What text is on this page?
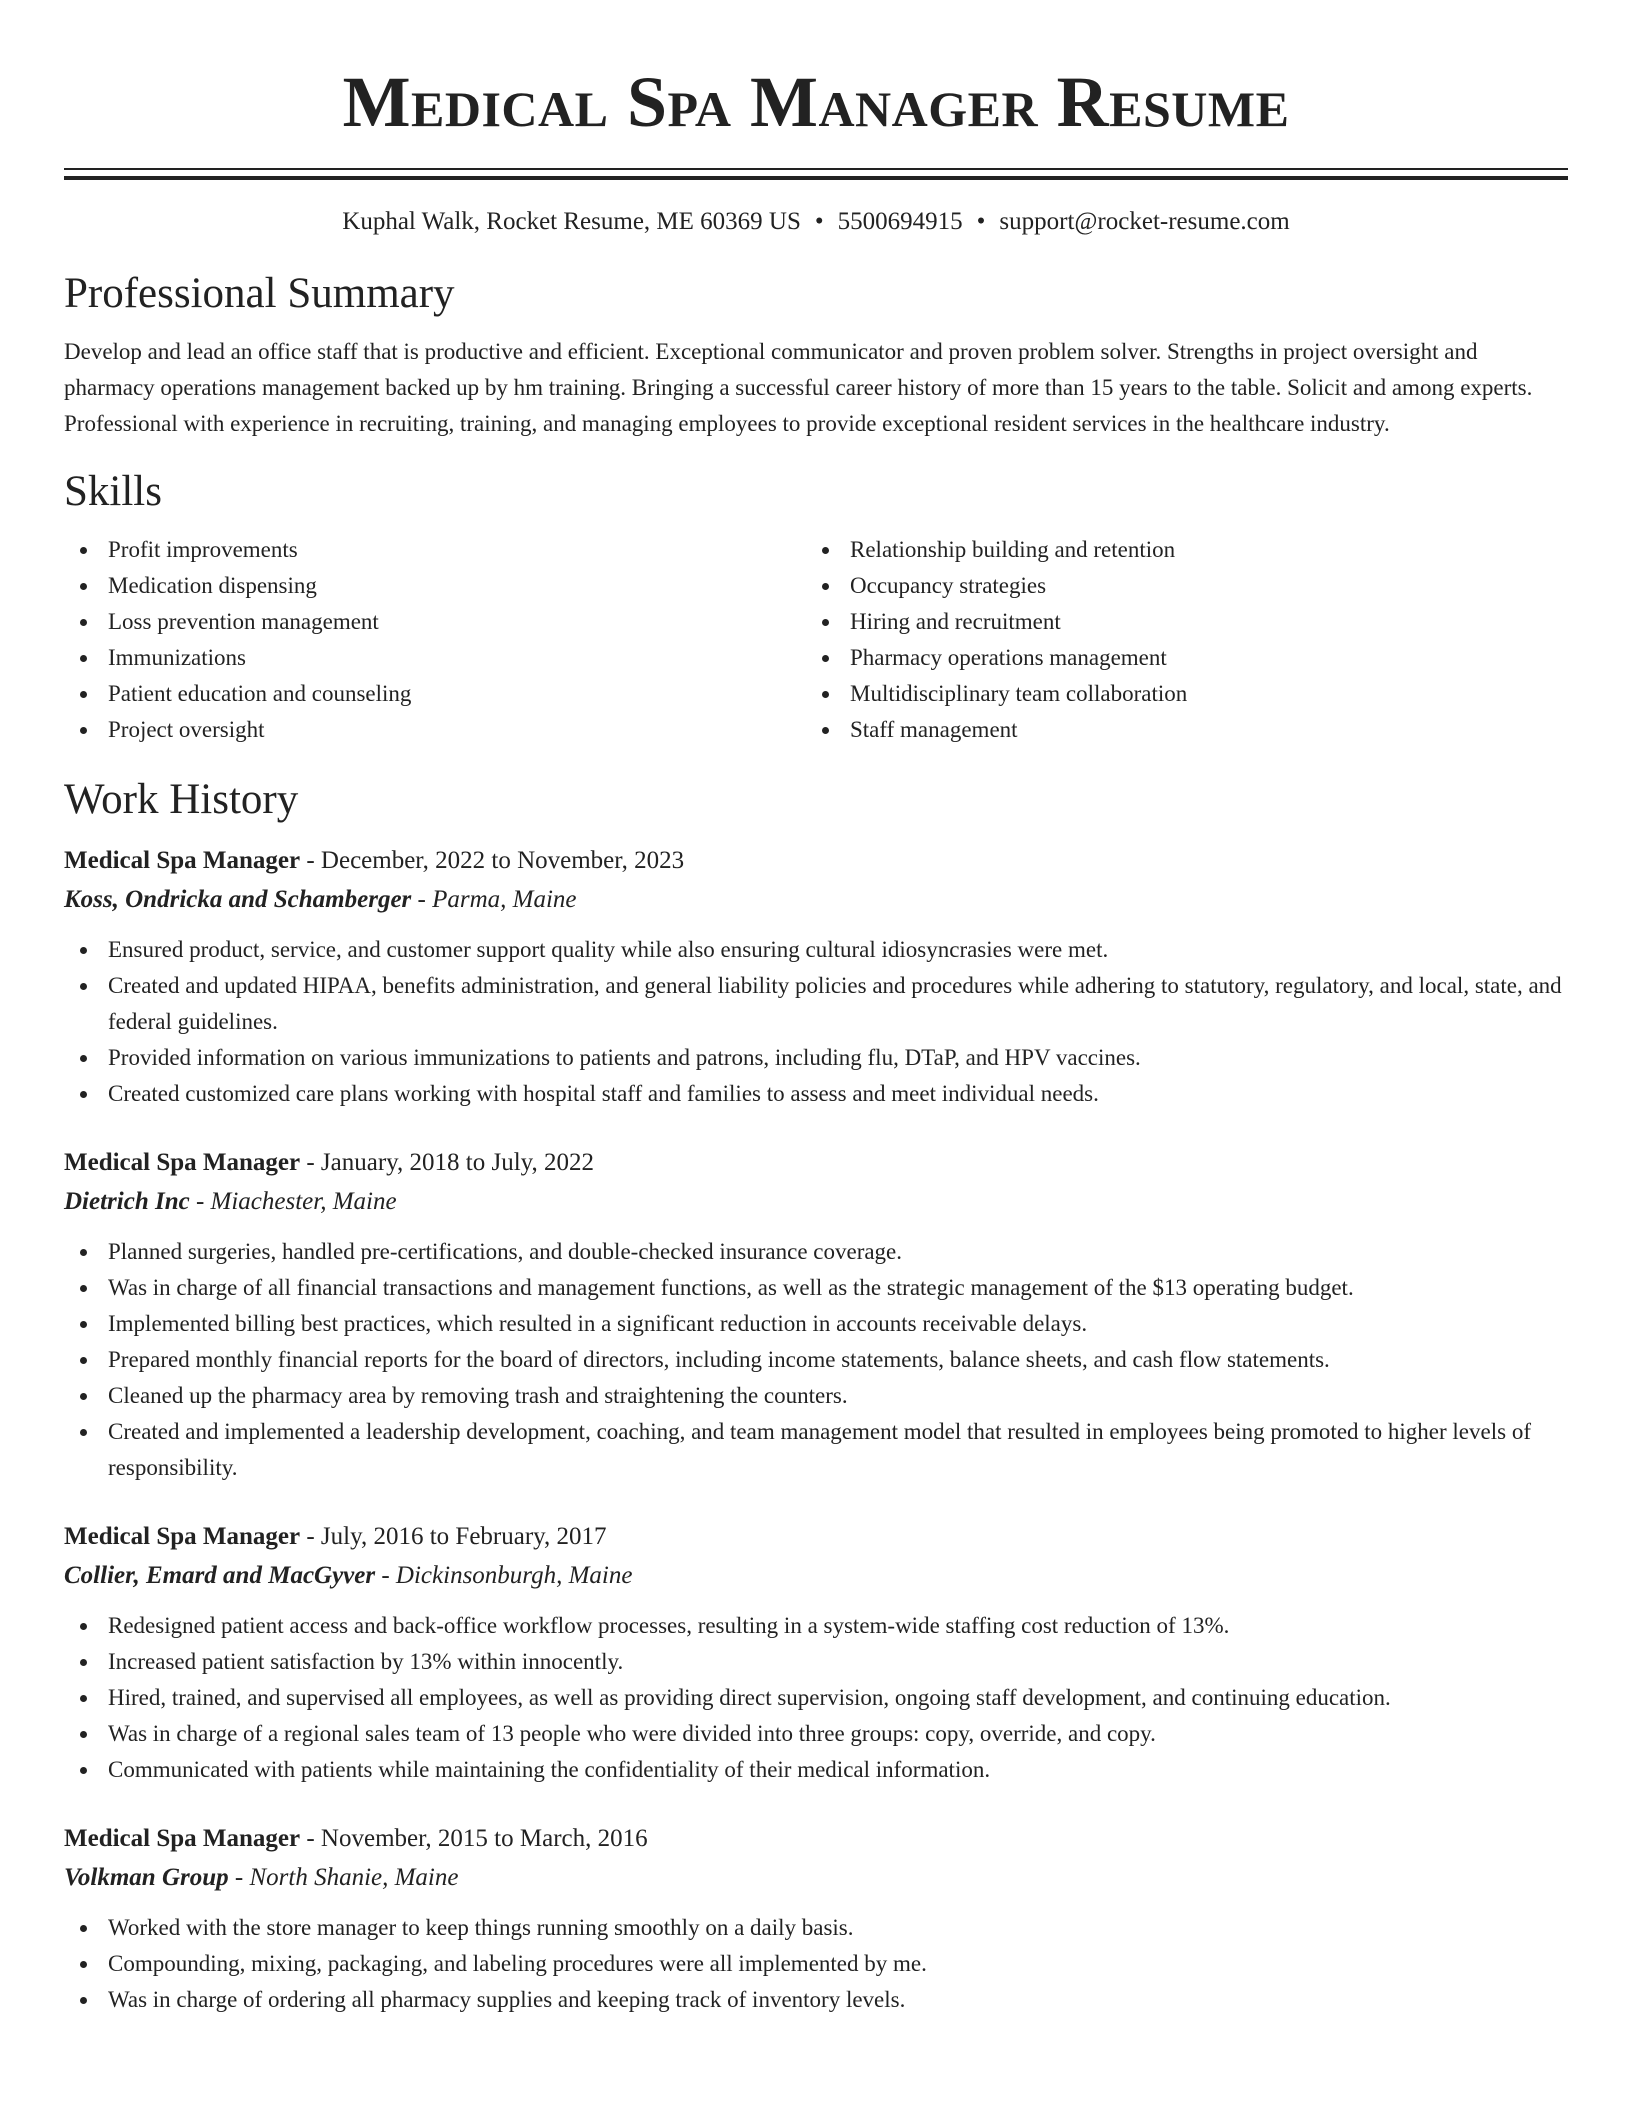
Medical Spa Manager Resume
Kuphal Walk, Rocket Resume, ME 60369 US • 5500694915 • support@rocket-resume.com
Professional Summary

Develop and lead an office staff that is productive and efficient. Exceptional communicator and proven problem solver. Strengths in project oversight and pharmacy operations management backed up by hm training. Bringing a successful career history of more than 15 years to the table. Solicit and among experts. Professional with experience in recruiting, training, and managing employees to provide exceptional resident services in the healthcare industry.

Skills
Profit improvements
Medication dispensing
Loss prevention management
Immunizations
Patient education and counseling
Project oversight
Relationship building and retention
Occupancy strategies
Hiring and recruitment
Pharmacy operations management
Multidisciplinary team collaboration
Staff management
Work History
Medical Spa Manager - December, 2022 to November, 2023
Koss, Ondricka and Schamberger - Parma, Maine
Ensured product, service, and customer support quality while also ensuring cultural idiosyncrasies were met.
Created and updated HIPAA, benefits administration, and general liability policies and procedures while adhering to statutory, regulatory, and local, state, and federal guidelines.
Provided information on various immunizations to patients and patrons, including flu, DTaP, and HPV vaccines.
Created customized care plans working with hospital staff and families to assess and meet individual needs.
Medical Spa Manager - January, 2018 to July, 2022
Dietrich Inc - Miachester, Maine
Planned surgeries, handled pre-certifications, and double-checked insurance coverage.
Was in charge of all financial transactions and management functions, as well as the strategic management of the $13 operating budget.
Implemented billing best practices, which resulted in a significant reduction in accounts receivable delays.
Prepared monthly financial reports for the board of directors, including income statements, balance sheets, and cash flow statements.
Cleaned up the pharmacy area by removing trash and straightening the counters.
Created and implemented a leadership development, coaching, and team management model that resulted in employees being promoted to higher levels of responsibility.
Medical Spa Manager - July, 2016 to February, 2017
Collier, Emard and MacGyver - Dickinsonburgh, Maine
Redesigned patient access and back-office workflow processes, resulting in a system-wide staffing cost reduction of 13%.
Increased patient satisfaction by 13% within innocently.
Hired, trained, and supervised all employees, as well as providing direct supervision, ongoing staff development, and continuing education.
Was in charge of a regional sales team of 13 people who were divided into three groups: copy, override, and copy.
Communicated with patients while maintaining the confidentiality of their medical information.
Medical Spa Manager - November, 2015 to March, 2016
Volkman Group - North Shanie, Maine
Worked with the store manager to keep things running smoothly on a daily basis.
Compounding, mixing, packaging, and labeling procedures were all implemented by me.
Was in charge of ordering all pharmacy supplies and keeping track of inventory levels.
